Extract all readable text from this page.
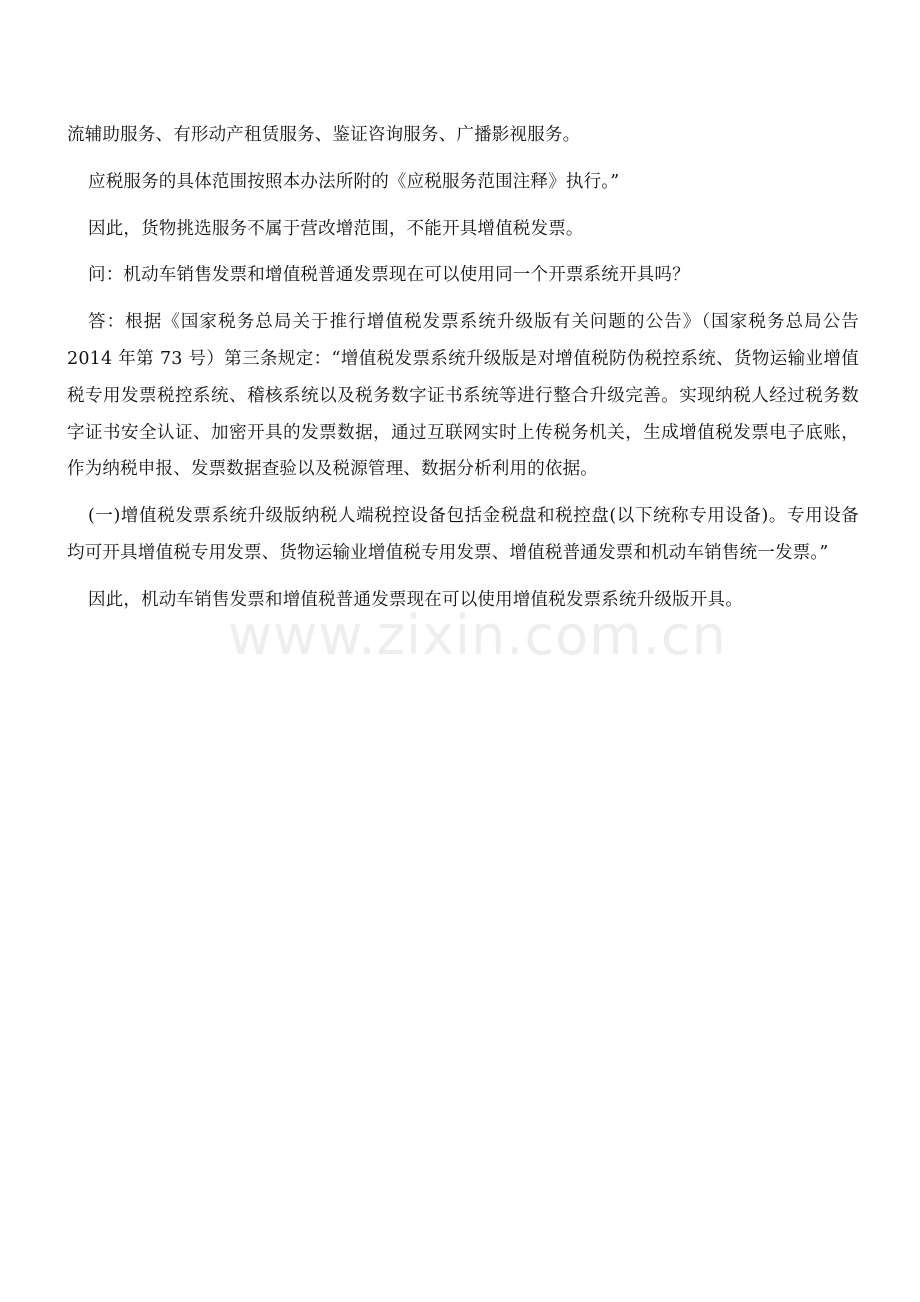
流辅助服务、有形动产租赁服务、鉴证咨询服务、广播影视服务。

应税服务的具体范围按照本办法所附的《应税服务范围注释》执行。”

因此，货物挑选服务不属于营改增范围，不能开具增值税发票。

问：机动车销售发票和增值税普通发票现在可以使用同一个开票系统开具吗？

答：根据《国家税务总局关于推行增值税发票系统升级版有关问题的公告》（国家税务总局公告 2014 年第 73 号）第三条规定：“增值税发票系统升级版是对增值税防伪税控系统、货物运输业增值税专用发票税控系统、稽核系统以及税务数字证书系统等进行整合升级完善。实现纳税人经过税务数字证书安全认证、加密开具的发票数据，通过互联网实时上传税务机关，生成增值税发票电子底账，作为纳税申报、发票数据查验以及税源管理、数据分析利用的依据。

(一)增值税发票系统升级版纳税人端税控设备包括金税盘和税控盘(以下统称专用设备)。专用设备均可开具增值税专用发票、货物运输业增值税专用发票、增值税普通发票和机动车销售统一发票。”

因此，机动车销售发票和增值税普通发票现在可以使用增值税发票系统升级版开具。

www.zixin.com.cn
